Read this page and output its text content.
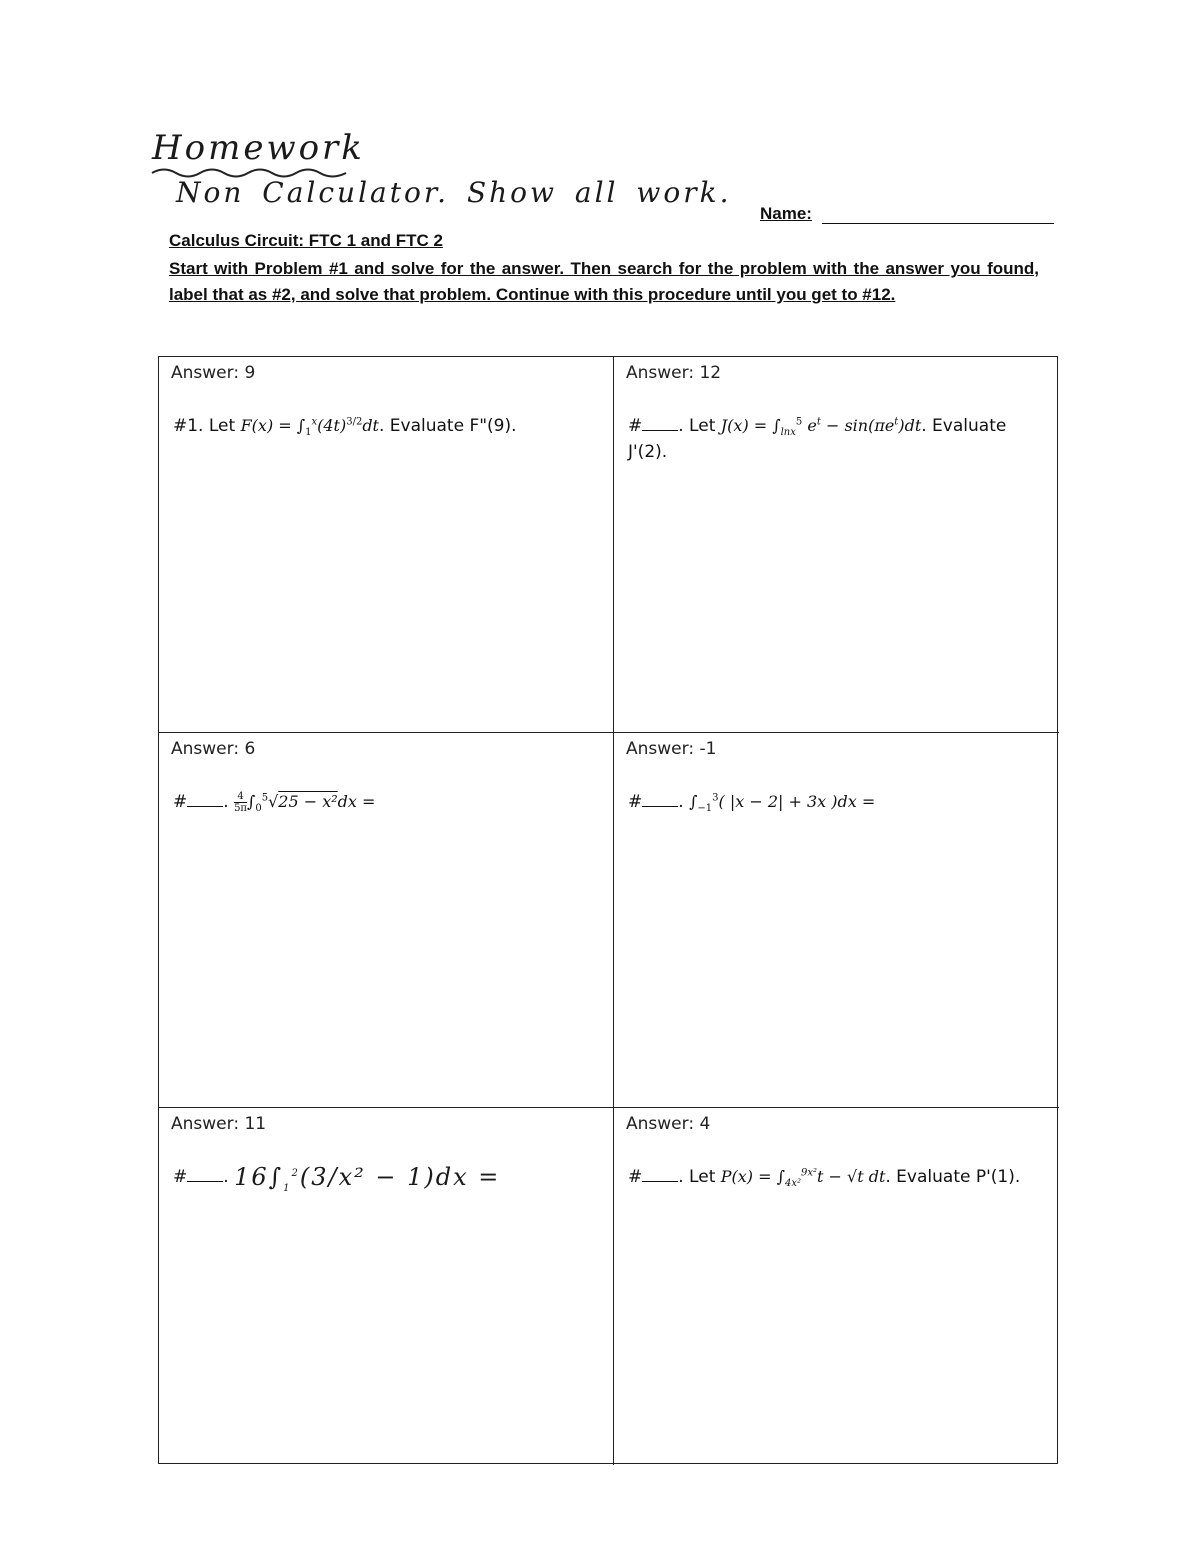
Homework
Non Calculator. Show all work.
Name:
Calculus Circuit: FTC 1 and FTC 2
Start with Problem #1 and solve for the answer. Then search for the problem with the answer you found, label that as #2, and solve that problem. Continue with this procedure until you get to #12.
Answer: 9
#1. Let $F(x) = \int_1^x(4t)^{3/2}dt$. Evaluate F"(9).
Answer: 12
# . Let $J(x) = \int_{lnx}^5$ $e^t - \sin(\pi e^t)dt$. Evaluate J'(2).
Answer: 6
# . $\frac{4}{5\pi} \int_0^5√25 - x^2dx$ =
Answer: -1
# . $\int_{-1}^3$( |x − 2| + 3x )dx =
Answer: 11
# . $16\int_1^2(3/x^2 - 1)dx$ =
Answer: 4
# . Let $P(x) = \int_{4x^2}^{9x^2}t - √t$ dt. Evaluate P'(1).
